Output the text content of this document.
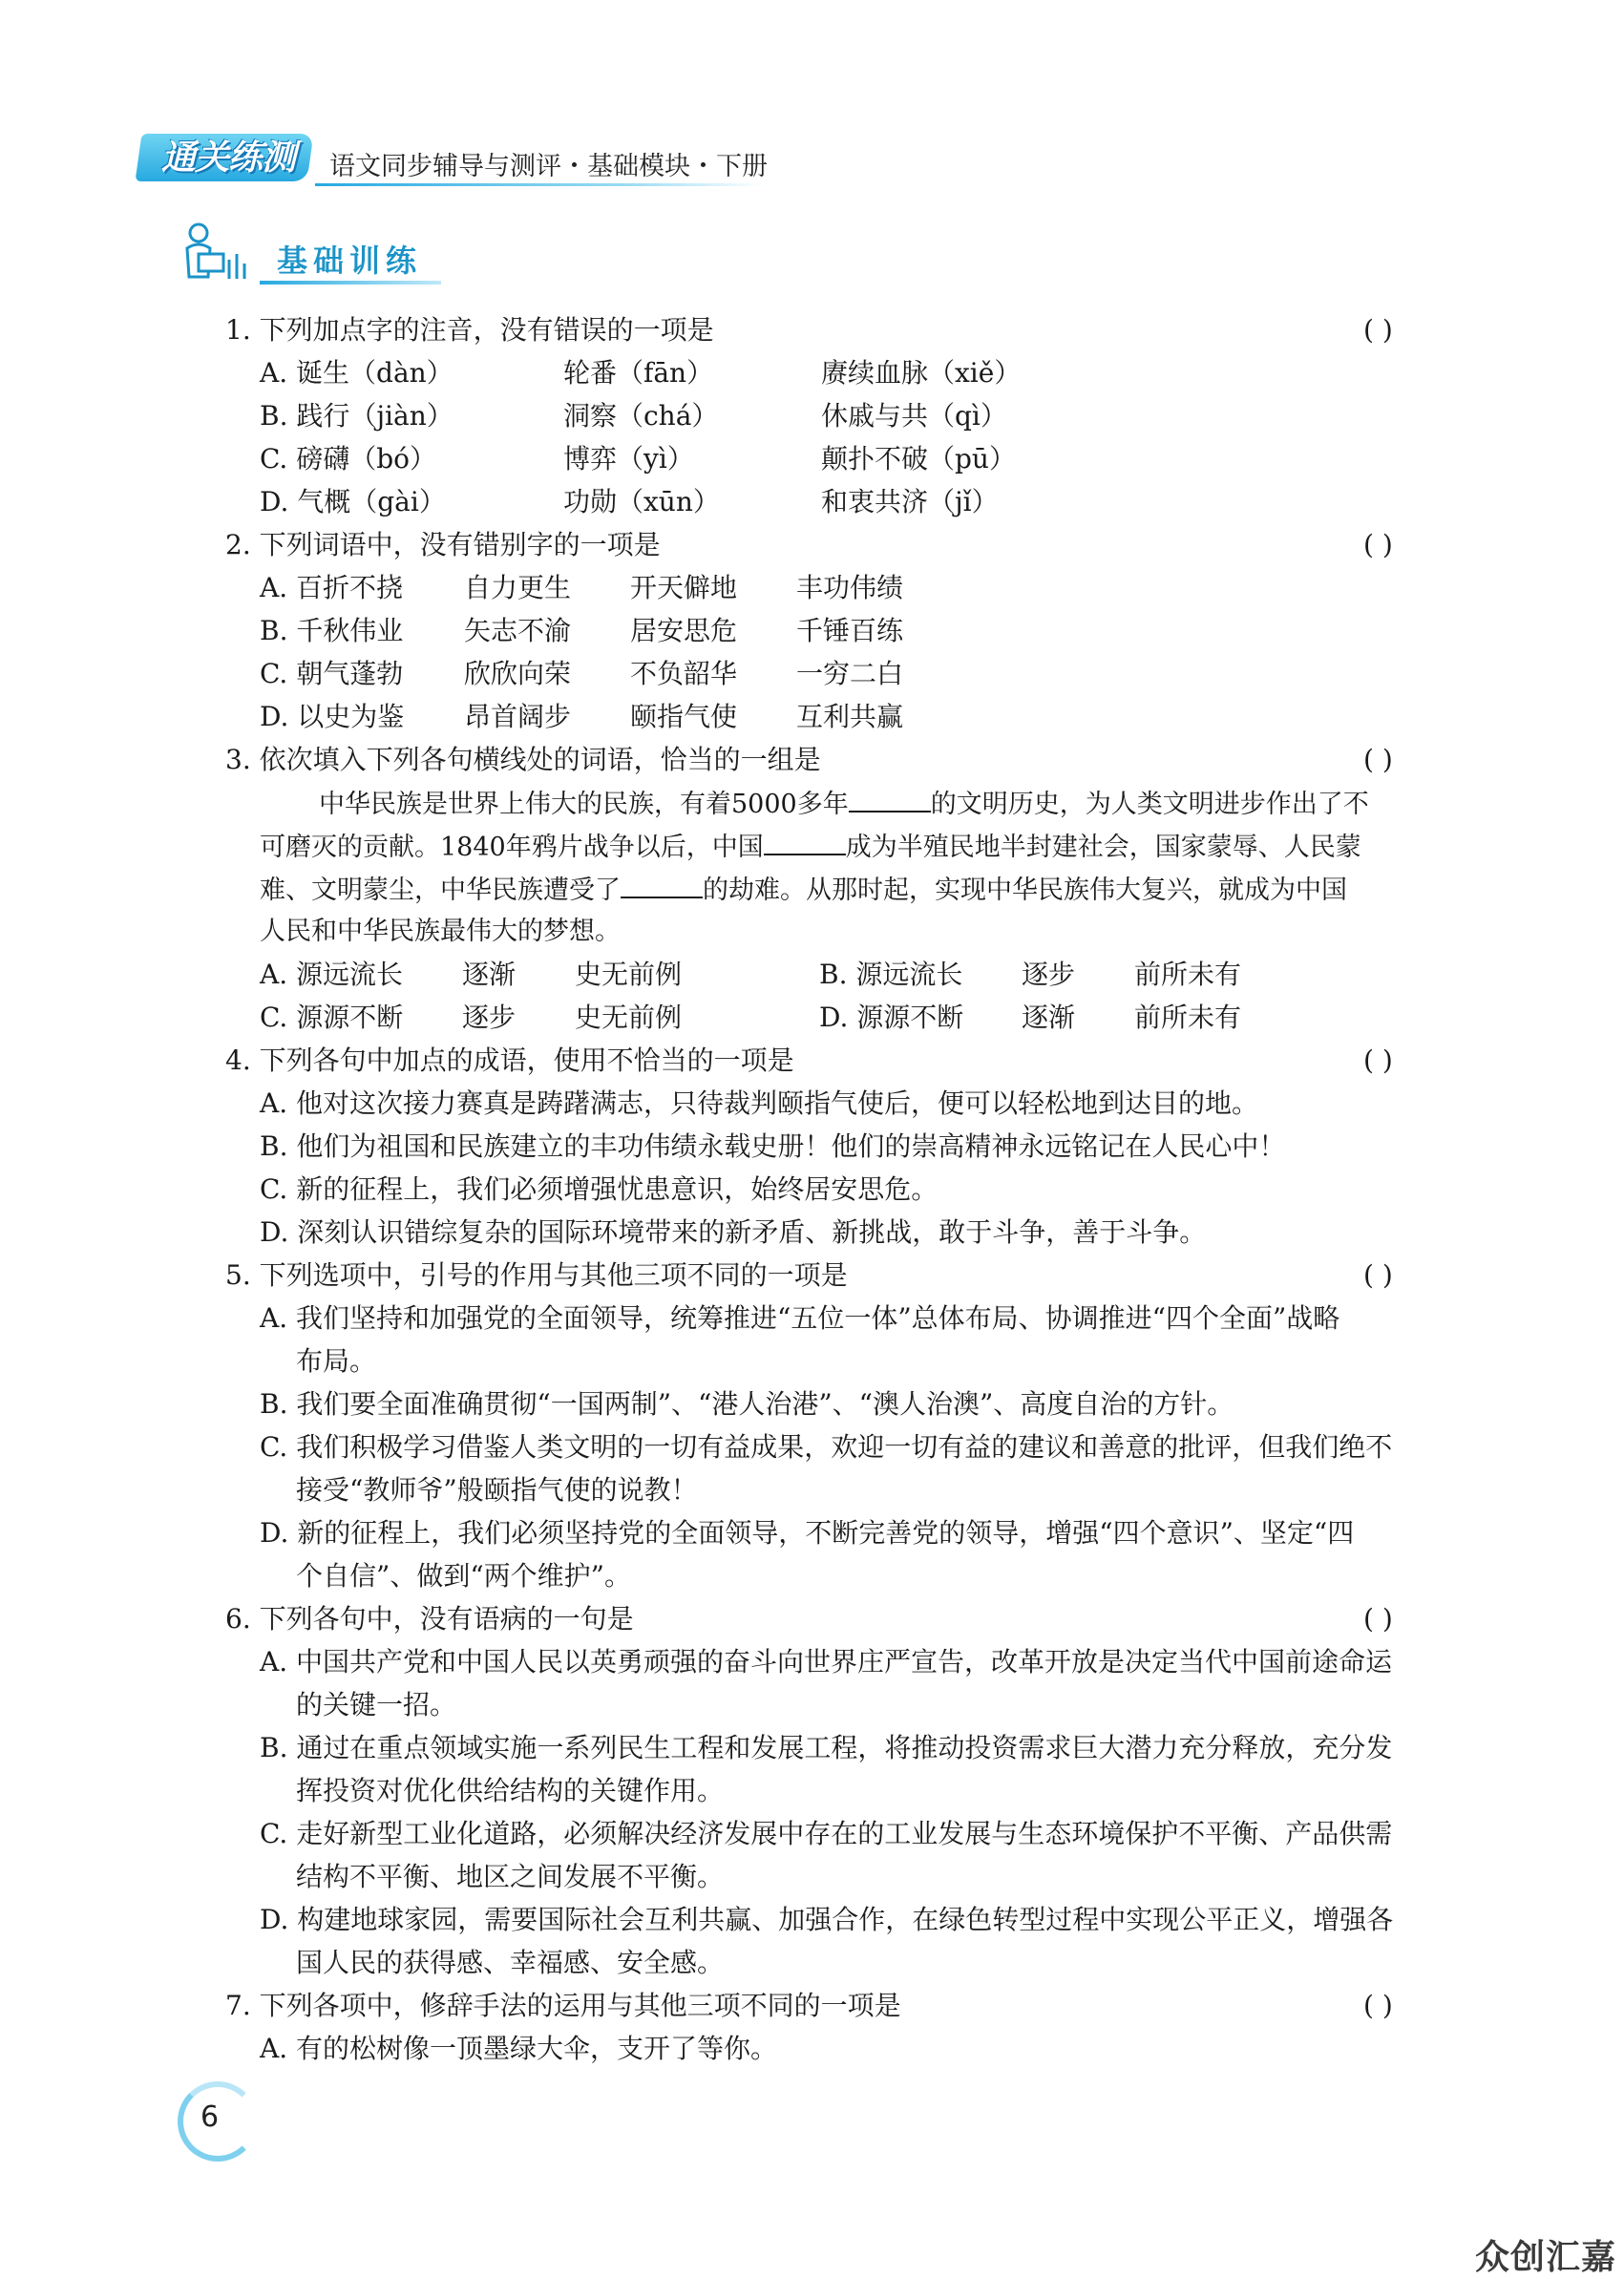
通关练测	语文同步辅导与测评・基础模块・下册
基础训练
1. 下列加点字的注音，没有错误的一项是	( )
A. 诞生（dàn）	轮番（fān）	赓续血脉（xiě）
B. 践行（jiàn）	洞察（chá）	休戚与共（qì）
C. 磅礴（bó）	博弈（yì）	颠扑不破（pū）
D. 气概（gài）	功勋（xūn）	和衷共济（jǐ）
2. 下列词语中，没有错别字的一项是	( )
A. 百折不挠 自力更生 开天僻地 丰功伟绩
B. 千秋伟业 矢志不渝 居安思危 千锤百练
C. 朝气蓬勃 欣欣向荣 不负韶华 一穷二白
D. 以史为鉴 昂首阔步 颐指气使 互利共赢
3. 依次填入下列各句横线处的词语，恰当的一组是	( )
中华民族是世界上伟大的民族，有着5000多年	的文明历史，为人类文明进步作出了不
可磨灭的贡献。1840年鸦片战争以后，中国	成为半殖民地半封建社会，国家蒙辱、人民蒙
难、文明蒙尘，中华民族遭受了	的劫难。从那时起，实现中华民族伟大复兴，就成为中国
人民和中华民族最伟大的梦想。
A. 源远流长 逐渐 史无前例	B. 源远流长 逐步 前所未有
C. 源源不断 逐步 史无前例	D. 源源不断 逐渐 前所未有
4. 下列各句中加点的成语，使用不恰当的一项是	( )
A. 他对这次接力赛真是踌躇满志，只待裁判颐指气使后，便可以轻松地到达目的地。
B. 他们为祖国和民族建立的丰功伟绩永载史册！他们的崇高精神永远铭记在人民心中！
C. 新的征程上，我们必须增强忧患意识，始终居安思危。
D. 深刻认识错综复杂的国际环境带来的新矛盾、新挑战，敢于斗争，善于斗争。
5. 下列选项中，引号的作用与其他三项不同的一项是	( )
A. 我们坚持和加强党的全面领导，统筹推进“五位一体”总体布局、协调推进“四个全面”战略
布局。
B. 我们要全面准确贯彻“一国两制”、“港人治港”、“澳人治澳”、高度自治的方针。
C. 我们积极学习借鉴人类文明的一切有益成果，欢迎一切有益的建议和善意的批评，但我们绝不
接受“教师爷”般颐指气使的说教！
D. 新的征程上，我们必须坚持党的全面领导，不断完善党的领导，增强“四个意识”、坚定“四
个自信”、做到“两个维护”。
6. 下列各句中，没有语病的一句是	( )
A. 中国共产党和中国人民以英勇顽强的奋斗向世界庄严宣告，改革开放是决定当代中国前途命运
的关键一招。
B. 通过在重点领域实施一系列民生工程和发展工程，将推动投资需求巨大潜力充分释放，充分发
挥投资对优化供给结构的关键作用。
C. 走好新型工业化道路，必须解决经济发展中存在的工业发展与生态环境保护不平衡、产品供需
结构不平衡、地区之间发展不平衡。
D. 构建地球家园，需要国际社会互利共赢、加强合作，在绿色转型过程中实现公平正义，增强各
国人民的获得感、幸福感、安全感。
7. 下列各项中，修辞手法的运用与其他三项不同的一项是	( )
A. 有的松树像一顶墨绿大伞，支开了等你。
6
众创汇嘉
